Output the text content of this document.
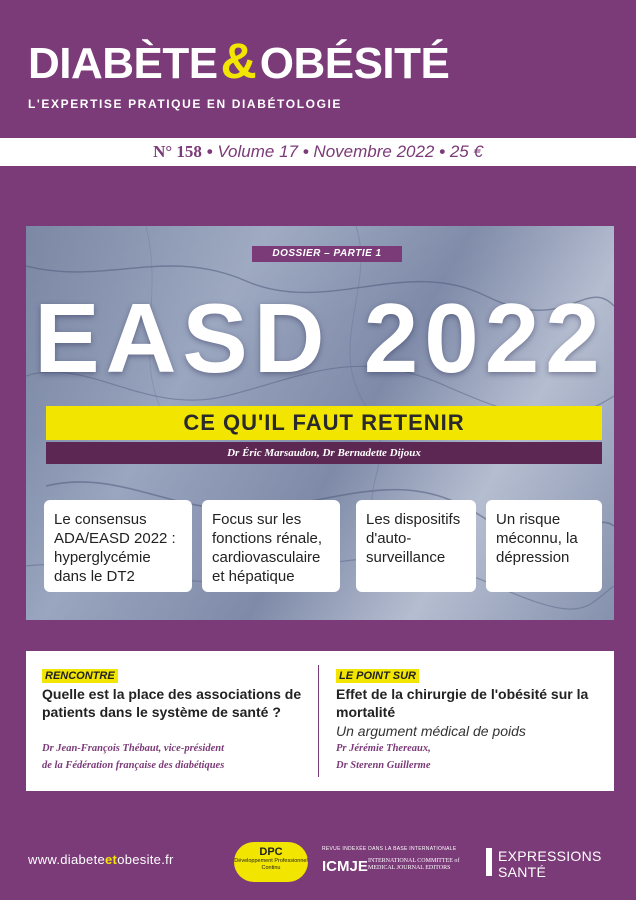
DIABÈTE&OBÉSITÉ
L'EXPERTISE PRATIQUE EN DIABÉTOLOGIE
N° 158 • Volume 17 • Novembre 2022 • 25 €
DOSSIER – PARTIE 1
EASD 2022
CE QU'IL FAUT RETENIR
Dr Éric Marsaudon, Dr Bernadette Dijoux
Le consensus ADA/EASD 2022 : hyperglycémie dans le DT2
Focus sur les fonctions rénale, cardiovasculaire et hépatique
Les dispositifs d'auto-surveillance
Un risque méconnu, la dépression
RENCONTRE
Quelle est la place des associations de patients dans le système de santé ?
Dr Jean-François Thébaut, vice-président
de la Fédération française des diabétiques
LE POINT SUR
Effet de la chirurgie de l'obésité sur la mortalité
Un argument médical de poids
Pr Jérémie Thereaux,
Dr Sterenn Guillerme
www.diabeteetobesite.fr	DPC
Développement Professionnel Continu
REVUE INDEXÉE DANS LA BASE INTERNATIONALE
ICMJE INTERNATIONAL COMMITTEE of MEDICAL JOURNAL EDITORS
EXPRESSIONS
SANTÉ
